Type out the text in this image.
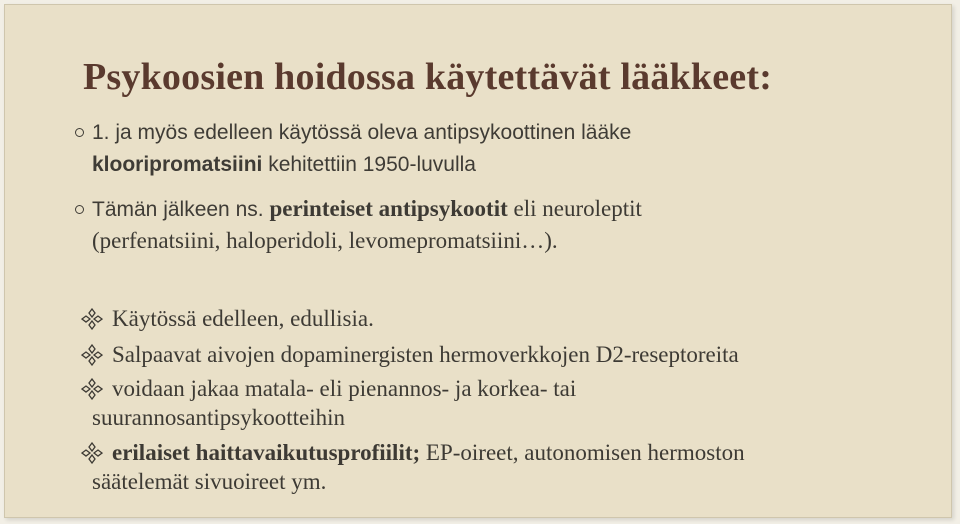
Psykoosien hoidossa käytettävät lääkkeet:
1. ja myös edelleen käytössä oleva antipsykoottinen lääke
klooripromatsiini kehitettiin 1950-luvulla
Tämän jälkeen ns. perinteiset antipsykootit eli neuroleptit
(perfenatsiini, haloperidoli, levomepromatsiini…).
Käytössä edelleen, edullisia.
Salpaavat aivojen dopaminergisten hermoverkkojen D2-reseptoreita
voidaan jakaa matala- eli pienannos- ja korkea- tai
suurannosantipsykootteihin
erilaiset haittavaikutusprofiilit; EP-oireet, autonomisen hermoston
säätelemät sivuoireet ym.
